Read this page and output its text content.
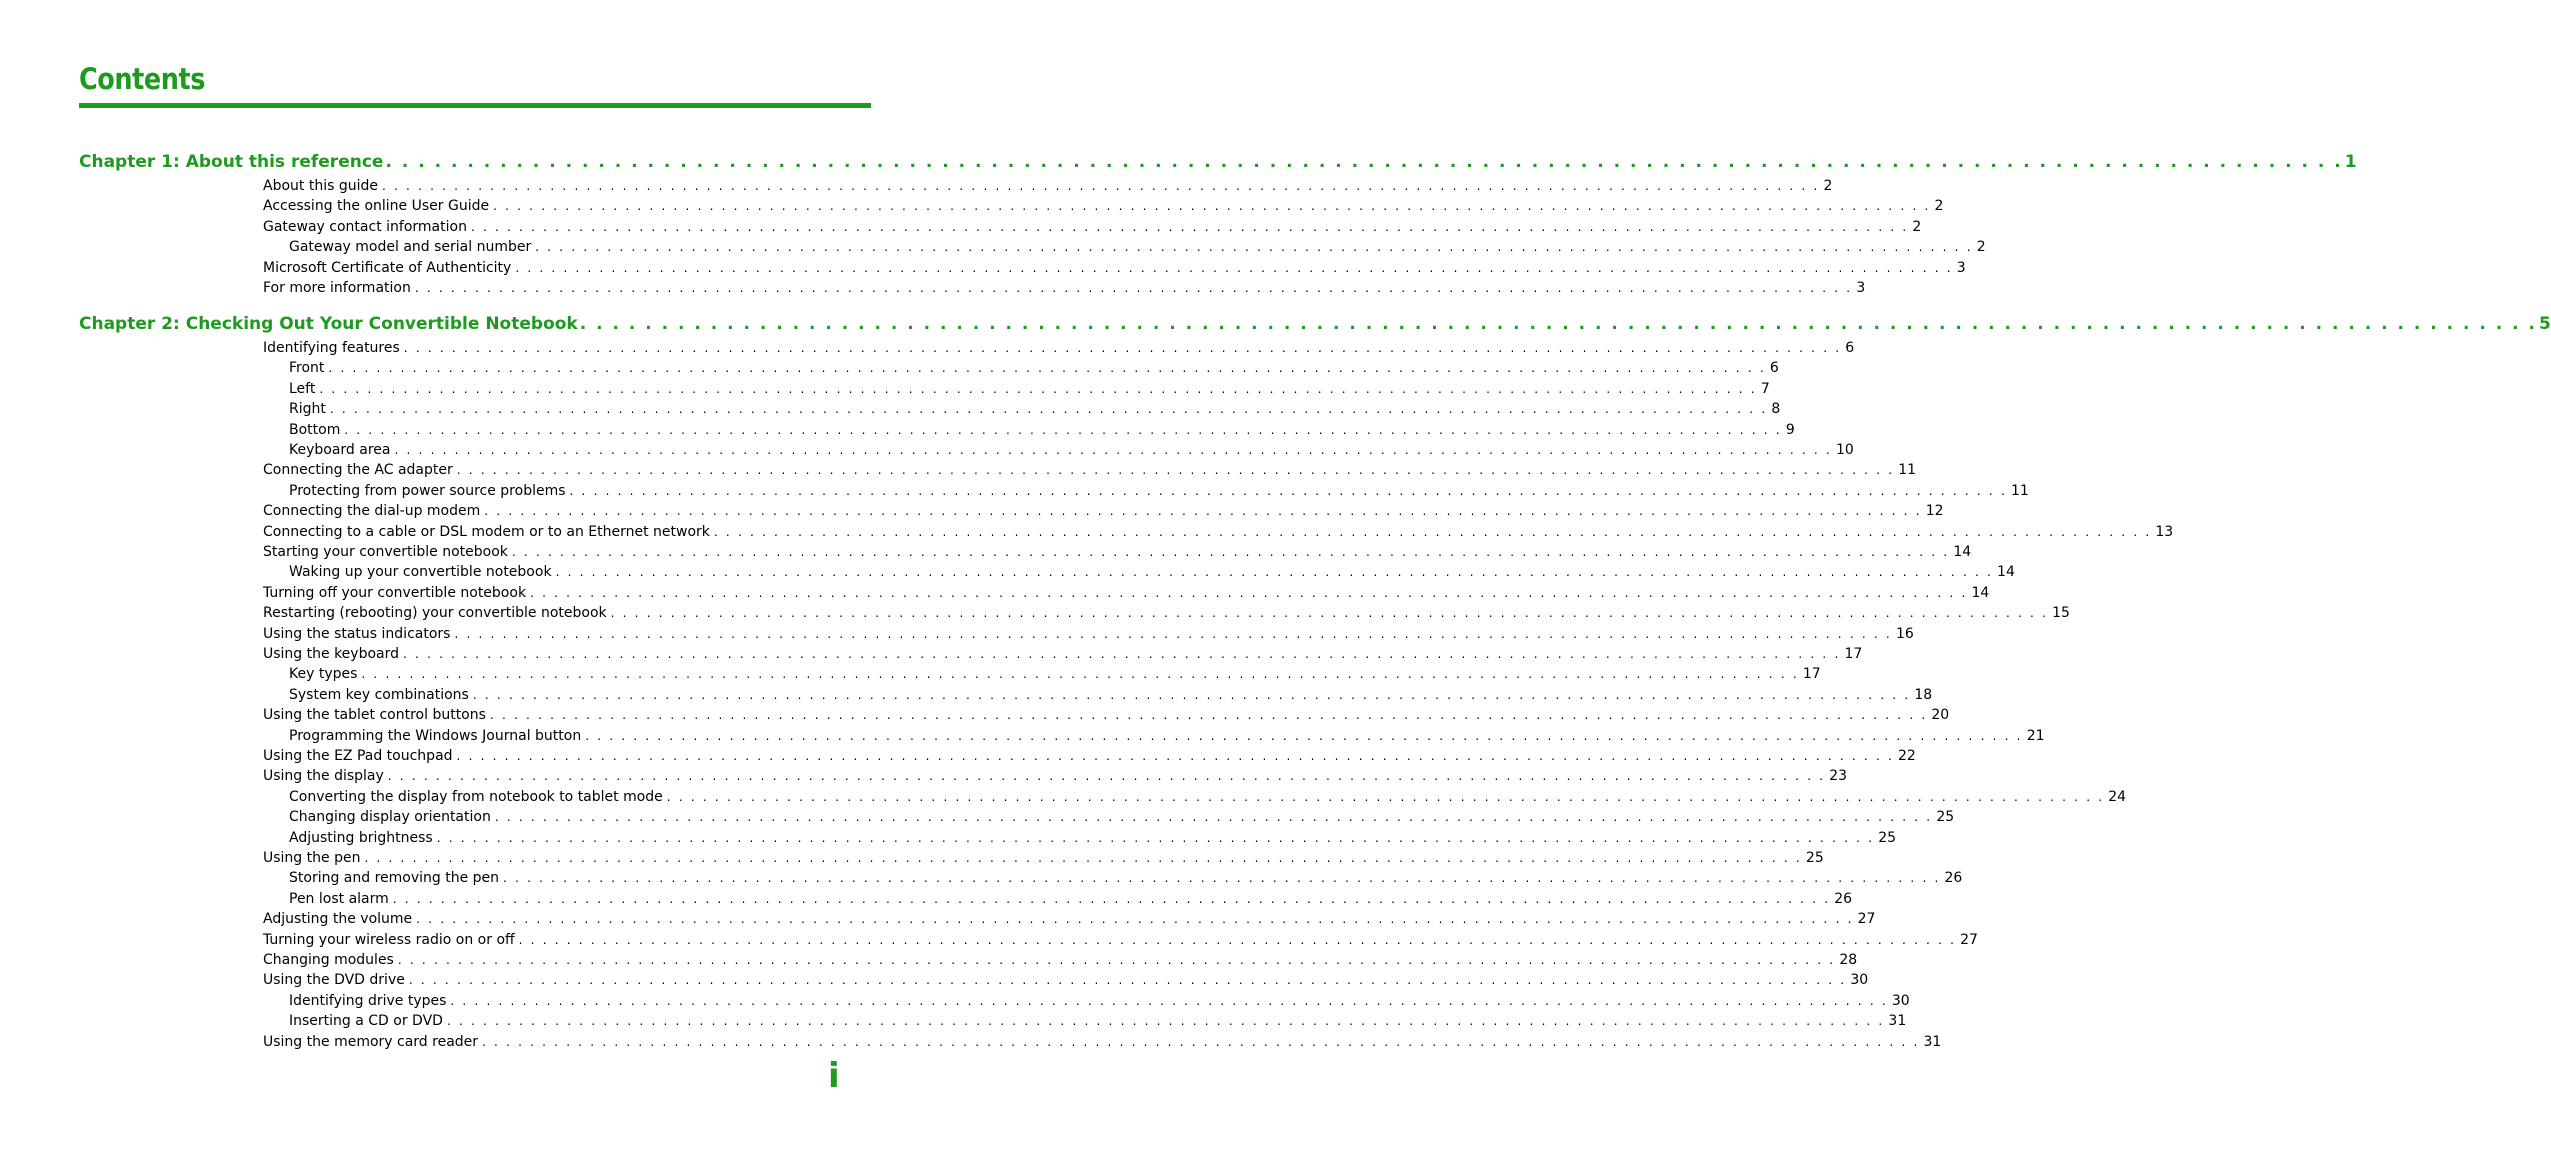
Contents
Chapter 1: About this reference . . . . . . . . . . . . . . . . . . . . . . . . . . . . . . . . . . . . . . . . . . . . . . . . . . . . . . . . . . . . . . . . . . . . . . . . . . . . . . . . . . . . . . . . . . . . . . . . . . . . . . . . . . . . . . . . . . . . . . . . 1
About this guide . . . . . . . . . . . . . . . . . . . . . . . . . . . . . . . . . . . . . . . . . . . . . . . . . . . . . . . . . . . . . . . . . . . . . . . . . . . . . . . . . . . . . . . . . . . . . . . . . . . . . . . . . . . . . . . . . . . . . . . . 2
Accessing the online User Guide . . . . . . . . . . . . . . . . . . . . . . . . . . . . . . . . . . . . . . . . . . . . . . . . . . . . . . . . . . . . . . . . . . . . . . . . . . . . . . . . . . . . . . . . . . . . . . . . . . . . . . . . . . . . . . . . . . . . . . . . 2
Gateway contact information . . . . . . . . . . . . . . . . . . . . . . . . . . . . . . . . . . . . . . . . . . . . . . . . . . . . . . . . . . . . . . . . . . . . . . . . . . . . . . . . . . . . . . . . . . . . . . . . . . . . . . . . . . . . . . . . . . . . . . . . 2
Gateway model and serial number . . . . . . . . . . . . . . . . . . . . . . . . . . . . . . . . . . . . . . . . . . . . . . . . . . . . . . . . . . . . . . . . . . . . . . . . . . . . . . . . . . . . . . . . . . . . . . . . . . . . . . . . . . . . . . . . . . . . . . . . 2
Microsoft Certificate of Authenticity . . . . . . . . . . . . . . . . . . . . . . . . . . . . . . . . . . . . . . . . . . . . . . . . . . . . . . . . . . . . . . . . . . . . . . . . . . . . . . . . . . . . . . . . . . . . . . . . . . . . . . . . . . . . . . . . . . . . . . . . 3
For more information . . . . . . . . . . . . . . . . . . . . . . . . . . . . . . . . . . . . . . . . . . . . . . . . . . . . . . . . . . . . . . . . . . . . . . . . . . . . . . . . . . . . . . . . . . . . . . . . . . . . . . . . . . . . . . . . . . . . . . . . 3
Chapter 2: Checking Out Your Convertible Notebook . . . . . . . . . . . . . . . . . . . . . . . . . . . . . . . . . . . . . . . . . . . . . . . . . . . . . . . . . . . . . . . . . . . . . . . . . . . . . . . . . . . . . . . . . . . . . . . . . . . . . . . . . . . . . . . . . . . . . . . . 5
Identifying features . . . . . . . . . . . . . . . . . . . . . . . . . . . . . . . . . . . . . . . . . . . . . . . . . . . . . . . . . . . . . . . . . . . . . . . . . . . . . . . . . . . . . . . . . . . . . . . . . . . . . . . . . . . . . . . . . . . . . . . . 6
Front . . . . . . . . . . . . . . . . . . . . . . . . . . . . . . . . . . . . . . . . . . . . . . . . . . . . . . . . . . . . . . . . . . . . . . . . . . . . . . . . . . . . . . . . . . . . . . . . . . . . . . . . . . . . . . . . . . . . . . . . 6
Left . . . . . . . . . . . . . . . . . . . . . . . . . . . . . . . . . . . . . . . . . . . . . . . . . . . . . . . . . . . . . . . . . . . . . . . . . . . . . . . . . . . . . . . . . . . . . . . . . . . . . . . . . . . . . . . . . . . . . . . . 7
Right . . . . . . . . . . . . . . . . . . . . . . . . . . . . . . . . . . . . . . . . . . . . . . . . . . . . . . . . . . . . . . . . . . . . . . . . . . . . . . . . . . . . . . . . . . . . . . . . . . . . . . . . . . . . . . . . . . . . . . . . 8
Bottom . . . . . . . . . . . . . . . . . . . . . . . . . . . . . . . . . . . . . . . . . . . . . . . . . . . . . . . . . . . . . . . . . . . . . . . . . . . . . . . . . . . . . . . . . . . . . . . . . . . . . . . . . . . . . . . . . . . . . . . . 9
Keyboard area . . . . . . . . . . . . . . . . . . . . . . . . . . . . . . . . . . . . . . . . . . . . . . . . . . . . . . . . . . . . . . . . . . . . . . . . . . . . . . . . . . . . . . . . . . . . . . . . . . . . . . . . . . . . . . . . . . . . . . . . 10
Connecting the AC adapter . . . . . . . . . . . . . . . . . . . . . . . . . . . . . . . . . . . . . . . . . . . . . . . . . . . . . . . . . . . . . . . . . . . . . . . . . . . . . . . . . . . . . . . . . . . . . . . . . . . . . . . . . . . . . . . . . . . . . . . . 11
Protecting from power source problems . . . . . . . . . . . . . . . . . . . . . . . . . . . . . . . . . . . . . . . . . . . . . . . . . . . . . . . . . . . . . . . . . . . . . . . . . . . . . . . . . . . . . . . . . . . . . . . . . . . . . . . . . . . . . . . . . . . . . . . . 11
Connecting the dial-up modem . . . . . . . . . . . . . . . . . . . . . . . . . . . . . . . . . . . . . . . . . . . . . . . . . . . . . . . . . . . . . . . . . . . . . . . . . . . . . . . . . . . . . . . . . . . . . . . . . . . . . . . . . . . . . . . . . . . . . . . . 12
Connecting to a cable or DSL modem or to an Ethernet network . . . . . . . . . . . . . . . . . . . . . . . . . . . . . . . . . . . . . . . . . . . . . . . . . . . . . . . . . . . . . . . . . . . . . . . . . . . . . . . . . . . . . . . . . . . . . . . . . . . . . . . . . . . . . . . . . . . . . . . . 13
Starting your convertible notebook . . . . . . . . . . . . . . . . . . . . . . . . . . . . . . . . . . . . . . . . . . . . . . . . . . . . . . . . . . . . . . . . . . . . . . . . . . . . . . . . . . . . . . . . . . . . . . . . . . . . . . . . . . . . . . . . . . . . . . . . 14
Waking up your convertible notebook . . . . . . . . . . . . . . . . . . . . . . . . . . . . . . . . . . . . . . . . . . . . . . . . . . . . . . . . . . . . . . . . . . . . . . . . . . . . . . . . . . . . . . . . . . . . . . . . . . . . . . . . . . . . . . . . . . . . . . . . 14
Turning off your convertible notebook . . . . . . . . . . . . . . . . . . . . . . . . . . . . . . . . . . . . . . . . . . . . . . . . . . . . . . . . . . . . . . . . . . . . . . . . . . . . . . . . . . . . . . . . . . . . . . . . . . . . . . . . . . . . . . . . . . . . . . . . 14
Restarting (rebooting) your convertible notebook . . . . . . . . . . . . . . . . . . . . . . . . . . . . . . . . . . . . . . . . . . . . . . . . . . . . . . . . . . . . . . . . . . . . . . . . . . . . . . . . . . . . . . . . . . . . . . . . . . . . . . . . . . . . . . . . . . . . . . . . 15
Using the status indicators . . . . . . . . . . . . . . . . . . . . . . . . . . . . . . . . . . . . . . . . . . . . . . . . . . . . . . . . . . . . . . . . . . . . . . . . . . . . . . . . . . . . . . . . . . . . . . . . . . . . . . . . . . . . . . . . . . . . . . . . 16
Using the keyboard . . . . . . . . . . . . . . . . . . . . . . . . . . . . . . . . . . . . . . . . . . . . . . . . . . . . . . . . . . . . . . . . . . . . . . . . . . . . . . . . . . . . . . . . . . . . . . . . . . . . . . . . . . . . . . . . . . . . . . . . 17
Key types . . . . . . . . . . . . . . . . . . . . . . . . . . . . . . . . . . . . . . . . . . . . . . . . . . . . . . . . . . . . . . . . . . . . . . . . . . . . . . . . . . . . . . . . . . . . . . . . . . . . . . . . . . . . . . . . . . . . . . . . 17
System key combinations . . . . . . . . . . . . . . . . . . . . . . . . . . . . . . . . . . . . . . . . . . . . . . . . . . . . . . . . . . . . . . . . . . . . . . . . . . . . . . . . . . . . . . . . . . . . . . . . . . . . . . . . . . . . . . . . . . . . . . . . 18
Using the tablet control buttons . . . . . . . . . . . . . . . . . . . . . . . . . . . . . . . . . . . . . . . . . . . . . . . . . . . . . . . . . . . . . . . . . . . . . . . . . . . . . . . . . . . . . . . . . . . . . . . . . . . . . . . . . . . . . . . . . . . . . . . . 20
Programming the Windows Journal button . . . . . . . . . . . . . . . . . . . . . . . . . . . . . . . . . . . . . . . . . . . . . . . . . . . . . . . . . . . . . . . . . . . . . . . . . . . . . . . . . . . . . . . . . . . . . . . . . . . . . . . . . . . . . . . . . . . . . . . . 21
Using the EZ Pad touchpad . . . . . . . . . . . . . . . . . . . . . . . . . . . . . . . . . . . . . . . . . . . . . . . . . . . . . . . . . . . . . . . . . . . . . . . . . . . . . . . . . . . . . . . . . . . . . . . . . . . . . . . . . . . . . . . . . . . . . . . . 22
Using the display . . . . . . . . . . . . . . . . . . . . . . . . . . . . . . . . . . . . . . . . . . . . . . . . . . . . . . . . . . . . . . . . . . . . . . . . . . . . . . . . . . . . . . . . . . . . . . . . . . . . . . . . . . . . . . . . . . . . . . . . 23
Converting the display from notebook to tablet mode . . . . . . . . . . . . . . . . . . . . . . . . . . . . . . . . . . . . . . . . . . . . . . . . . . . . . . . . . . . . . . . . . . . . . . . . . . . . . . . . . . . . . . . . . . . . . . . . . . . . . . . . . . . . . . . . . . . . . . . . 24
Changing display orientation . . . . . . . . . . . . . . . . . . . . . . . . . . . . . . . . . . . . . . . . . . . . . . . . . . . . . . . . . . . . . . . . . . . . . . . . . . . . . . . . . . . . . . . . . . . . . . . . . . . . . . . . . . . . . . . . . . . . . . . . 25
Adjusting brightness . . . . . . . . . . . . . . . . . . . . . . . . . . . . . . . . . . . . . . . . . . . . . . . . . . . . . . . . . . . . . . . . . . . . . . . . . . . . . . . . . . . . . . . . . . . . . . . . . . . . . . . . . . . . . . . . . . . . . . . . 25
Using the pen . . . . . . . . . . . . . . . . . . . . . . . . . . . . . . . . . . . . . . . . . . . . . . . . . . . . . . . . . . . . . . . . . . . . . . . . . . . . . . . . . . . . . . . . . . . . . . . . . . . . . . . . . . . . . . . . . . . . . . . . 25
Storing and removing the pen . . . . . . . . . . . . . . . . . . . . . . . . . . . . . . . . . . . . . . . . . . . . . . . . . . . . . . . . . . . . . . . . . . . . . . . . . . . . . . . . . . . . . . . . . . . . . . . . . . . . . . . . . . . . . . . . . . . . . . . . 26
Pen lost alarm . . . . . . . . . . . . . . . . . . . . . . . . . . . . . . . . . . . . . . . . . . . . . . . . . . . . . . . . . . . . . . . . . . . . . . . . . . . . . . . . . . . . . . . . . . . . . . . . . . . . . . . . . . . . . . . . . . . . . . . . 26
Adjusting the volume . . . . . . . . . . . . . . . . . . . . . . . . . . . . . . . . . . . . . . . . . . . . . . . . . . . . . . . . . . . . . . . . . . . . . . . . . . . . . . . . . . . . . . . . . . . . . . . . . . . . . . . . . . . . . . . . . . . . . . . . 27
Turning your wireless radio on or off . . . . . . . . . . . . . . . . . . . . . . . . . . . . . . . . . . . . . . . . . . . . . . . . . . . . . . . . . . . . . . . . . . . . . . . . . . . . . . . . . . . . . . . . . . . . . . . . . . . . . . . . . . . . . . . . . . . . . . . . 27
Changing modules . . . . . . . . . . . . . . . . . . . . . . . . . . . . . . . . . . . . . . . . . . . . . . . . . . . . . . . . . . . . . . . . . . . . . . . . . . . . . . . . . . . . . . . . . . . . . . . . . . . . . . . . . . . . . . . . . . . . . . . . 28
Using the DVD drive . . . . . . . . . . . . . . . . . . . . . . . . . . . . . . . . . . . . . . . . . . . . . . . . . . . . . . . . . . . . . . . . . . . . . . . . . . . . . . . . . . . . . . . . . . . . . . . . . . . . . . . . . . . . . . . . . . . . . . . . 30
Identifying drive types . . . . . . . . . . . . . . . . . . . . . . . . . . . . . . . . . . . . . . . . . . . . . . . . . . . . . . . . . . . . . . . . . . . . . . . . . . . . . . . . . . . . . . . . . . . . . . . . . . . . . . . . . . . . . . . . . . . . . . . . 30
Inserting a CD or DVD . . . . . . . . . . . . . . . . . . . . . . . . . . . . . . . . . . . . . . . . . . . . . . . . . . . . . . . . . . . . . . . . . . . . . . . . . . . . . . . . . . . . . . . . . . . . . . . . . . . . . . . . . . . . . . . . . . . . . . . . 31
Using the memory card reader . . . . . . . . . . . . . . . . . . . . . . . . . . . . . . . . . . . . . . . . . . . . . . . . . . . . . . . . . . . . . . . . . . . . . . . . . . . . . . . . . . . . . . . . . . . . . . . . . . . . . . . . . . . . . . . . . . . . . . . . 31
i
